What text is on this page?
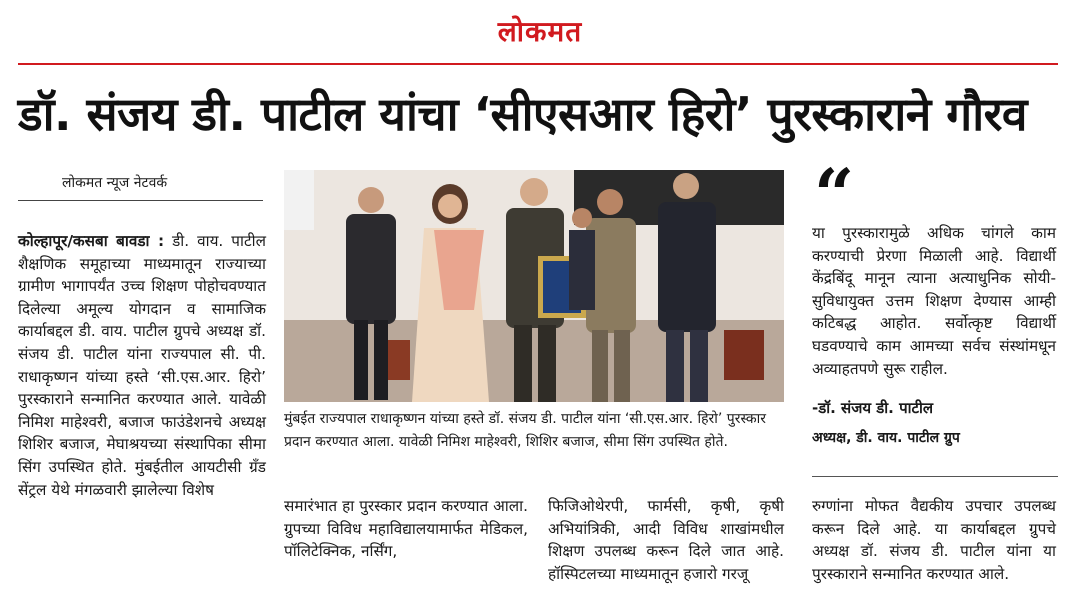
लोकमत
डॉ. संजय डी. पाटील यांचा ‘सीएसआर हिरो’ पुरस्काराने गौरव
लोकमत न्यूज नेटवर्क
कोल्हापूर/कसबा बावडा : डी. वाय. पाटील शैक्षणिक समूहाच्या माध्यमातून राज्याच्या ग्रामीण भागापर्यंत उच्च शिक्षण पोहोचवण्यात दिलेल्या अमूल्य योगदान व सामाजिक कार्याबद्दल डी. वाय. पाटील ग्रुपचे अध्यक्ष डॉ. संजय डी. पाटील यांना राज्यपाल सी. पी. राधाकृष्णन यांच्या हस्ते ‘सी.एस.आर. हिरो’ पुरस्काराने सन्मानित करण्यात आले. यावेळी निमिश माहेश्वरी, बजाज फाउंडेशनचे अध्यक्ष शिशिर बजाज, मेघाश्रयच्या संस्थापिका सीमा सिंग उपस्थित होते. मुंबईतील आयटीसी ग्रँड सेंट्रल येथे मंगळवारी झालेल्या विशेष
मुंबईत राज्यपाल राधाकृष्णन यांच्या हस्ते डॉ. संजय डी. पाटील यांना ‘सी.एस.आर. हिरो’ पुरस्कार प्रदान करण्यात आला. यावेळी निमिश माहेश्वरी, शिशिर बजाज, सीमा सिंग उपस्थित होते.
समारंभात हा पुरस्कार प्रदान करण्यात आला. ग्रुपच्या विविध महाविद्यालयामार्फत मेडिकल, पॉलिटेक्निक, नर्सिंग,
फिजिओथेरपी, फार्मसी, कृषी, कृषी अभियांत्रिकी, आदी विविध शाखांमधील शिक्षण उपलब्ध करून दिले जात आहे. हॉस्पिटलच्या माध्यमातून हजारो गरजू
रुग्णांना मोफत वैद्यकीय उपचार उपलब्ध करून दिले आहे. या कार्याबद्दल ग्रुपचे अध्यक्ष डॉ. संजय डी. पाटील यांना या पुरस्काराने सन्मानित करण्यात आले.
“
या पुरस्कारामुळे अधिक चांगले काम करण्याची प्रेरणा मिळाली आहे. विद्यार्थी केंद्रबिंदू मानून त्याना अत्याधुनिक सोयी-सुविधायुक्त उत्तम शिक्षण देण्यास आम्ही कटिबद्ध आहोत. सर्वोत्कृष्ट विद्यार्थी घडवण्याचे काम आमच्या सर्वच संस्थांमधून अव्याहतपणे सुरू राहील.
-डॉ. संजय डी. पाटील
अध्यक्ष, डी. वाय. पाटील ग्रुप
